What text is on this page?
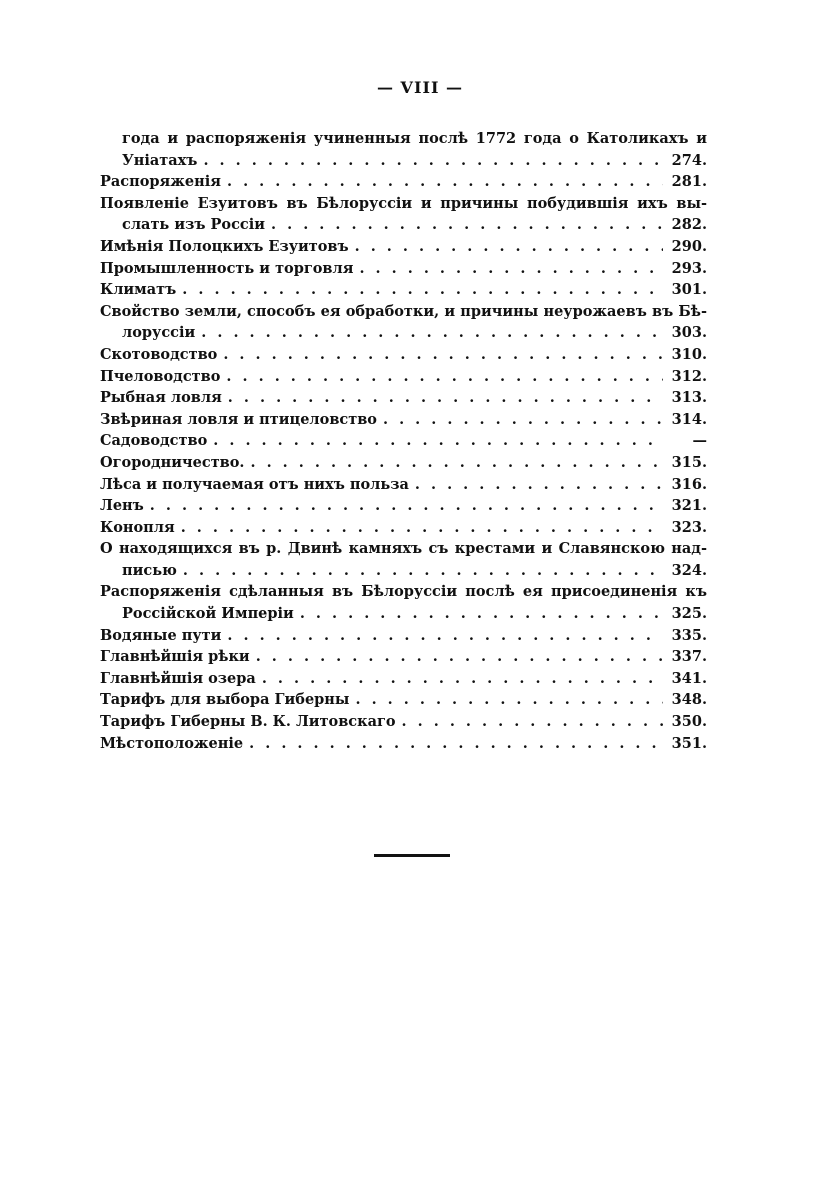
— VIII —
года и распоряженія учиненныя послѣ 1772 года о Католикахъ и
Уніатахъ . . .	274.
Распоряженія . . .	281.
Появленіе Езуитовъ въ Бѣлоруссіи и причины побудившія ихъ вы-
слать изъ Россіи . . .	282.
Имѣнія Полоцкихъ Езуитовъ . . .	290.
Промышленность и торговля . . .	293.
Климатъ . . .	301.
Свойство земли, способъ ея обработки, и причины неурожаевъ въ Бѣ-
лоруссіи . . .	303.
Скотоводство . . .	310.
Пчеловодство . . .	312.
Рыбная ловля . . .	313.
Звѣриная ловля и птицеловство . . .	314.
Садоводство . . .	—
Огородничество. . . .	315.
Лѣса и получаемая отъ нихъ польза . . .	316.
Ленъ . . .	321.
Конопля . . .	323.
О находящихся въ р. Двинѣ камняхъ съ крестами и Славянскою над-
писью . . .	324.
Распоряженія сдѣланныя въ Бѣлоруссіи послѣ ея присоединенія къ
Россійской Имперіи . . .	325.
Водяные пути . . .	335.
Главнѣйшія рѣки . . .	337.
Главнѣйшія озера . . .	341.
Тарифъ для выбора Гиберны . . .	348.
Тарифъ Гиберны В. К. Литовскаго . . .	350.
Мѣстоположеніе . . .	351.
